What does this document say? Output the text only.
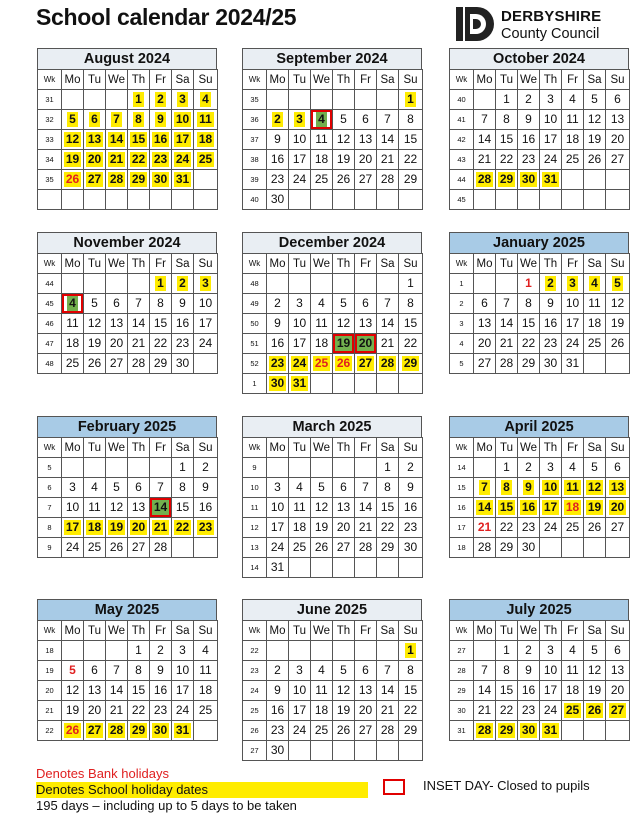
School calendar 2024/25	DERBYSHIRE
County Council
August 2024
Wk	Mo	Tu	We	Th	Fr	Sa	Su
31				1	2	3	4
32	5	6	7	8	9	10	11
33	12	13	14	15	16	17	18
34	19	20	21	22	23	24	25
35	26	27	28	29	30	31	

September 2024
Wk	Mo	Tu	We	Th	Fr	Sa	Su
35							1
36	2	3	4	5	6	7	8
37	9	10	11	12	13	14	15
38	16	17	18	19	20	21	22
39	23	24	25	26	27	28	29
40	30						
October 2024
Wk	Mo	Tu	We	Th	Fr	Sa	Su
40		1	2	3	4	5	6
41	7	8	9	10	11	12	13
42	14	15	16	17	18	19	20
43	21	22	23	24	25	26	27
44	28	29	30	31			
45							
November 2024
Wk	Mo	Tu	We	Th	Fr	Sa	Su
44					1	2	3
45	4	5	6	7	8	9	10
46	11	12	13	14	15	16	17
47	18	19	20	21	22	23	24
48	25	26	27	28	29	30	
December 2024
Wk	Mo	Tu	We	Th	Fr	Sa	Su
48							1
49	2	3	4	5	6	7	8
50	9	10	11	12	13	14	15
51	16	17	18	19	20	21	22
52	23	24	25	26	27	28	29
1	30	31					
January 2025
Wk	Mo	Tu	We	Th	Fr	Sa	Su
1			1	2	3	4	5
2	6	7	8	9	10	11	12
3	13	14	15	16	17	18	19
4	20	21	22	23	24	25	26
5	27	28	29	30	31		
February 2025
Wk	Mo	Tu	We	Th	Fr	Sa	Su
5						1	2
6	3	4	5	6	7	8	9
7	10	11	12	13	14	15	16
8	17	18	19	20	21	22	23
9	24	25	26	27	28		
March 2025
Wk	Mo	Tu	We	Th	Fr	Sa	Su
9						1	2
10	3	4	5	6	7	8	9
11	10	11	12	13	14	15	16
12	17	18	19	20	21	22	23
13	24	25	26	27	28	29	30
14	31						
April 2025
Wk	Mo	Tu	We	Th	Fr	Sa	Su
14		1	2	3	4	5	6
15	7	8	9	10	11	12	13
16	14	15	16	17	18	19	20
17	21	22	23	24	25	26	27
18	28	29	30				
May 2025
Wk	Mo	Tu	We	Th	Fr	Sa	Su
18				1	2	3	4
19	5	6	7	8	9	10	11
20	12	13	14	15	16	17	18
21	19	20	21	22	23	24	25
22	26	27	28	29	30	31	
June 2025
Wk	Mo	Tu	We	Th	Fr	Sa	Su
22							1
23	2	3	4	5	6	7	8
24	9	10	11	12	13	14	15
25	16	17	18	19	20	21	22
26	23	24	25	26	27	28	29
27	30						
July 2025
Wk	Mo	Tu	We	Th	Fr	Sa	Su
27		1	2	3	4	5	6
28	7	8	9	10	11	12	13
29	14	15	16	17	18	19	20
30	21	22	23	24	25	26	27
31	28	29	30	31			
Denotes Bank holidays
Denotes School holiday dates
195 days – including up to 5 days to be taken
INSET DAY- Closed to pupils
